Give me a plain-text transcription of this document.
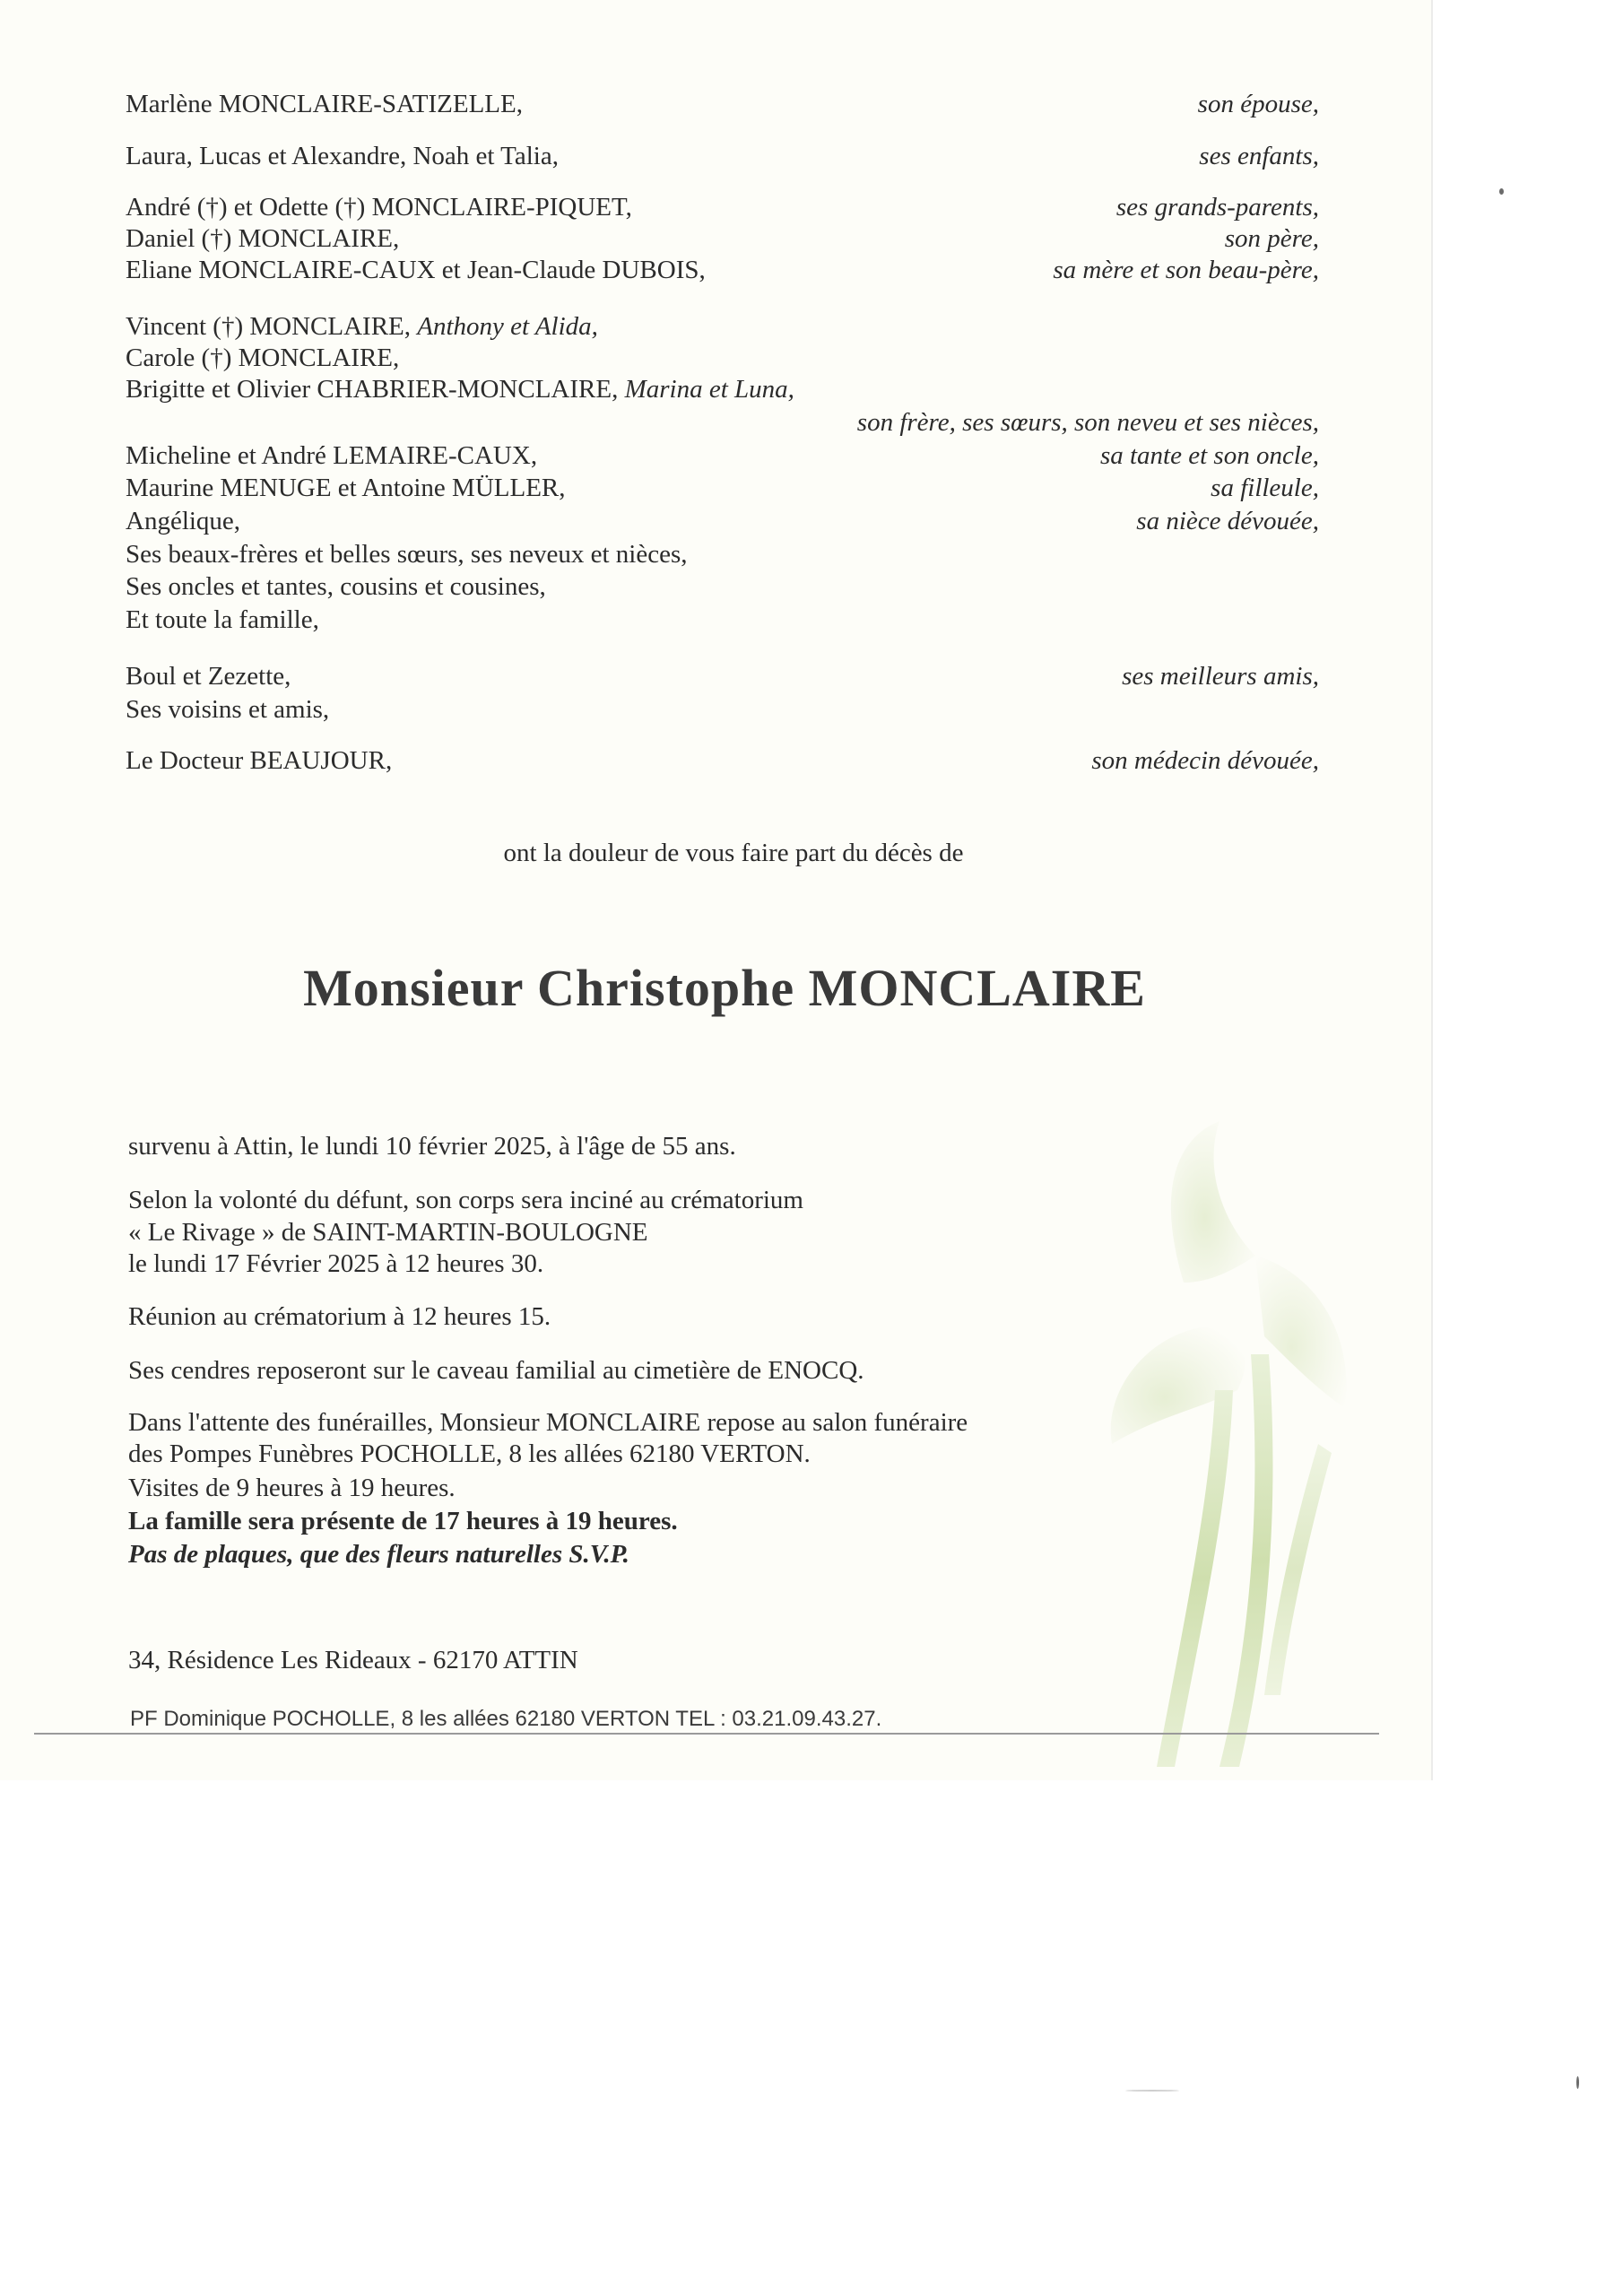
Marlène MONCLAIRE-SATIZELLE,	son épouse,
Laura, Lucas et Alexandre, Noah et Talia,	ses enfants,
André (†) et Odette (†) MONCLAIRE-PIQUET,	ses grands-parents,
Daniel (†) MONCLAIRE,	son père,
Eliane MONCLAIRE-CAUX et Jean-Claude DUBOIS,	sa mère et son beau-père,
Vincent (†) MONCLAIRE, Anthony et Alida,
Carole (†) MONCLAIRE,
Brigitte et Olivier CHABRIER-MONCLAIRE, Marina et Luna,
son frère, ses sœurs, son neveu et ses nièces,
Micheline et André LEMAIRE-CAUX,	sa tante et son oncle,
Maurine MENUGE et Antoine MÜLLER,	sa filleule,
Angélique,	sa nièce dévouée,
Ses beaux-frères et belles sœurs, ses neveux et nièces,
Ses oncles et tantes, cousins et cousines,
Et toute la famille,
Boul et Zezette,	ses meilleurs amis,
Ses voisins et amis,
Le Docteur BEAUJOUR,	son médecin dévouée,
ont la douleur de vous faire part du décès de
Monsieur Christophe MONCLAIRE
survenu à Attin, le lundi 10 février 2025, à l'âge de 55 ans.
Selon la volonté du défunt, son corps sera inciné au crématorium
« Le Rivage » de SAINT-MARTIN-BOULOGNE
le lundi 17 Février 2025 à 12 heures 30.
Réunion au crématorium à 12 heures 15.
Ses cendres reposeront sur le caveau familial au cimetière de ENOCQ.
Dans l'attente des funérailles, Monsieur MONCLAIRE repose au salon funéraire
des Pompes Funèbres POCHOLLE, 8 les allées 62180 VERTON.
Visites de 9 heures à 19 heures.
La famille sera présente de 17 heures à 19 heures.
Pas de plaques, que des fleurs naturelles S.V.P.
34, Résidence Les Rideaux - 62170 ATTIN
PF Dominique POCHOLLE, 8 les allées 62180 VERTON TEL : 03.21.09.43.27.
